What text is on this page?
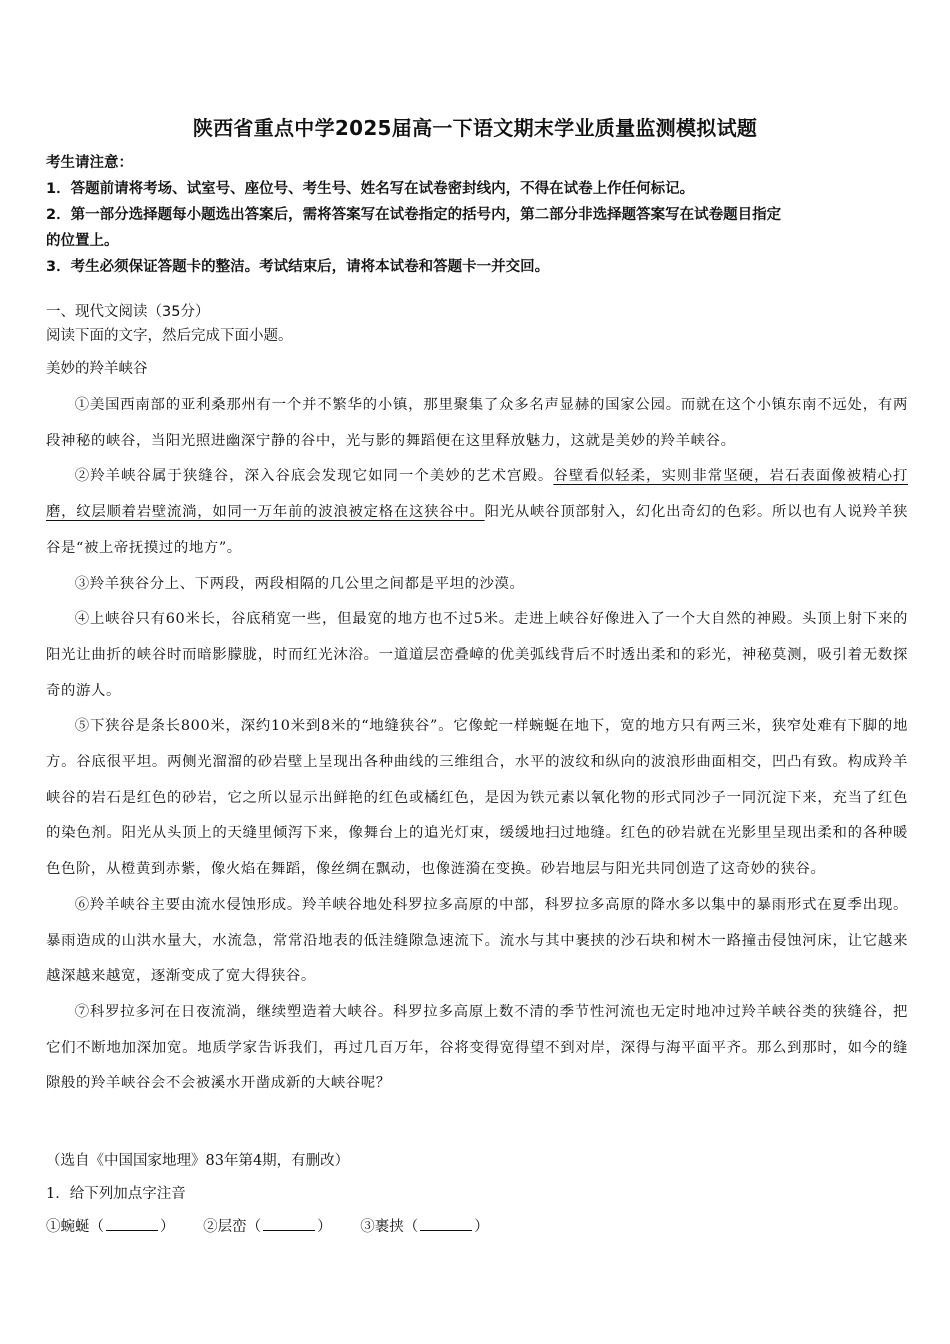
陕西省重点中学2025届高一下语文期末学业质量监测模拟试题
考生请注意：
1．答题前请将考场、试室号、座位号、考生号、姓名写在试卷密封线内，不得在试卷上作任何标记。
2．第一部分选择题每小题选出答案后，需将答案写在试卷指定的括号内，第二部分非选择题答案写在试卷题目指定
的位置上。
3．考生必须保证答题卡的整洁。考试结束后，请将本试卷和答题卡一并交回。
一、现代文阅读（35分）
阅读下面的文字，然后完成下面小题。
美妙的羚羊峡谷

①美国西南部的亚利桑那州有一个并不繁华的小镇，那里聚集了众多名声显赫的国家公园。而就在这个小镇东南不远处，有两段神秘的峡谷，当阳光照进幽深宁静的谷中，光与影的舞蹈便在这里释放魅力，这就是美妙的羚羊峡谷。

②羚羊峡谷属于狭缝谷，深入谷底会发现它如同一个美妙的艺术宫殿。谷壁看似轻柔，实则非常坚硬，岩石表面像被精心打磨，纹层顺着岩壁流淌，如同一万年前的波浪被定格在这狭谷中。阳光从峡谷顶部射入，幻化出奇幻的色彩。所以也有人说羚羊狭谷是“被上帝抚摸过的地方”。

③羚羊狭谷分上、下两段，两段相隔的几公里之间都是平坦的沙漠。

④上峡谷只有60米长，谷底稍宽一些，但最宽的地方也不过5米。走进上峡谷好像进入了一个大自然的神殿。头顶上射下来的阳光让曲折的峡谷时而暗影朦胧，时而红光沐浴。一道道层峦叠嶂的优美弧线背后不时透出柔和的彩光，神秘莫测，吸引着无数探奇的游人。

⑤下狭谷是条长800米，深约10米到8米的“地缝狭谷”。它像蛇一样蜿蜒在地下，宽的地方只有两三米，狭窄处难有下脚的地方。谷底很平坦。两侧光溜溜的砂岩壁上呈现出各种曲线的三维组合，水平的波纹和纵向的波浪形曲面相交，凹凸有致。构成羚羊峡谷的岩石是红色的砂岩，它之所以显示出鲜艳的红色或橘红色，是因为铁元素以氧化物的形式同沙子一同沉淀下来，充当了红色的染色剂。阳光从头顶上的天缝里倾泻下来，像舞台上的追光灯束，缓缓地扫过地缝。红色的砂岩就在光影里呈现出柔和的各种暖色色阶，从橙黄到赤紫，像火焰在舞蹈，像丝绸在飘动，也像涟漪在变换。砂岩地层与阳光共同创造了这奇妙的狭谷。

⑥羚羊峡谷主要由流水侵蚀形成。羚羊峡谷地处科罗拉多高原的中部，科罗拉多高原的降水多以集中的暴雨形式在夏季出现。暴雨造成的山洪水量大，水流急，常常沿地表的低洼缝隙急速流下。流水与其中裹挟的沙石块和树木一路撞击侵蚀河床，让它越来越深越来越宽，逐渐变成了宽大得狭谷。

⑦科罗拉多河在日夜流淌，继续塑造着大峡谷。科罗拉多高原上数不清的季节性河流也无定时地冲过羚羊峡谷类的狭缝谷，把它们不断地加深加宽。地质学家告诉我们，再过几百万年，谷将变得宽得望不到对岸，深得与海平面平齐。那么到那时，如今的缝隙般的羚羊峡谷会不会被溪水开凿成新的大峡谷呢？

（选自《中国国家地理》83年第4期，有删改）
1．给下列加点字注音
①蜿蜒（	） ②层峦（	） ③裹挟（	）
